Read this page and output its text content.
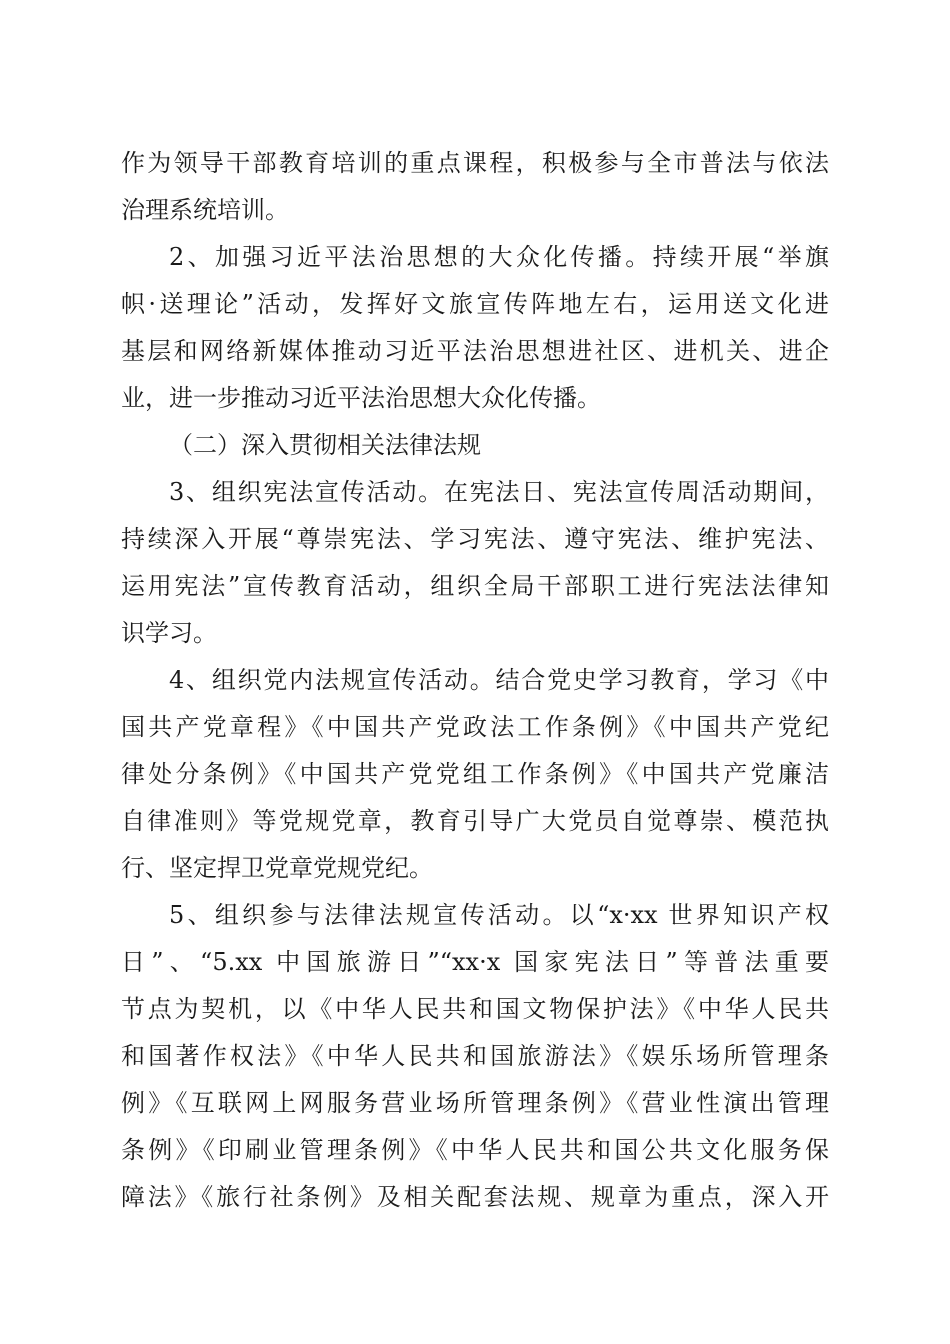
作为领导干部教育培训的重点课程，积极参与全市普法与依法
治理系统培训。
2、加强习近平法治思想的大众化传播。持续开展“举旗
帜·送理论”活动，发挥好文旅宣传阵地左右，运用送文化进
基层和网络新媒体推动习近平法治思想进社区、进机关、进企
业，进一步推动习近平法治思想大众化传播。
（二）深入贯彻相关法律法规
3、组织宪法宣传活动。在宪法日、宪法宣传周活动期间，
持续深入开展“尊崇宪法、学习宪法、遵守宪法、维护宪法、
运用宪法”宣传教育活动，组织全局干部职工进行宪法法律知
识学习。
4、组织党内法规宣传活动。结合党史学习教育，学习《中
国共产党章程》《中国共产党政法工作条例》《中国共产党纪
律处分条例》《中国共产党党组工作条例》《中国共产党廉洁
自律准则》等党规党章，教育引导广大党员自觉尊崇、模范执
行、坚定捍卫党章党规党纪。
5、组织参与法律法规宣传活动。以“x·xx 世界知识产权
日”、“5.xx 中国旅游日”“xx·x 国家宪法日”等普法重要
节点为契机，以《中华人民共和国文物保护法》《中华人民共
和国著作权法》《中华人民共和国旅游法》《娱乐场所管理条
例》《互联网上网服务营业场所管理条例》《营业性演出管理
条例》《印刷业管理条例》《中华人民共和国公共文化服务保
障法》《旅行社条例》及相关配套法规、规章为重点，深入开
